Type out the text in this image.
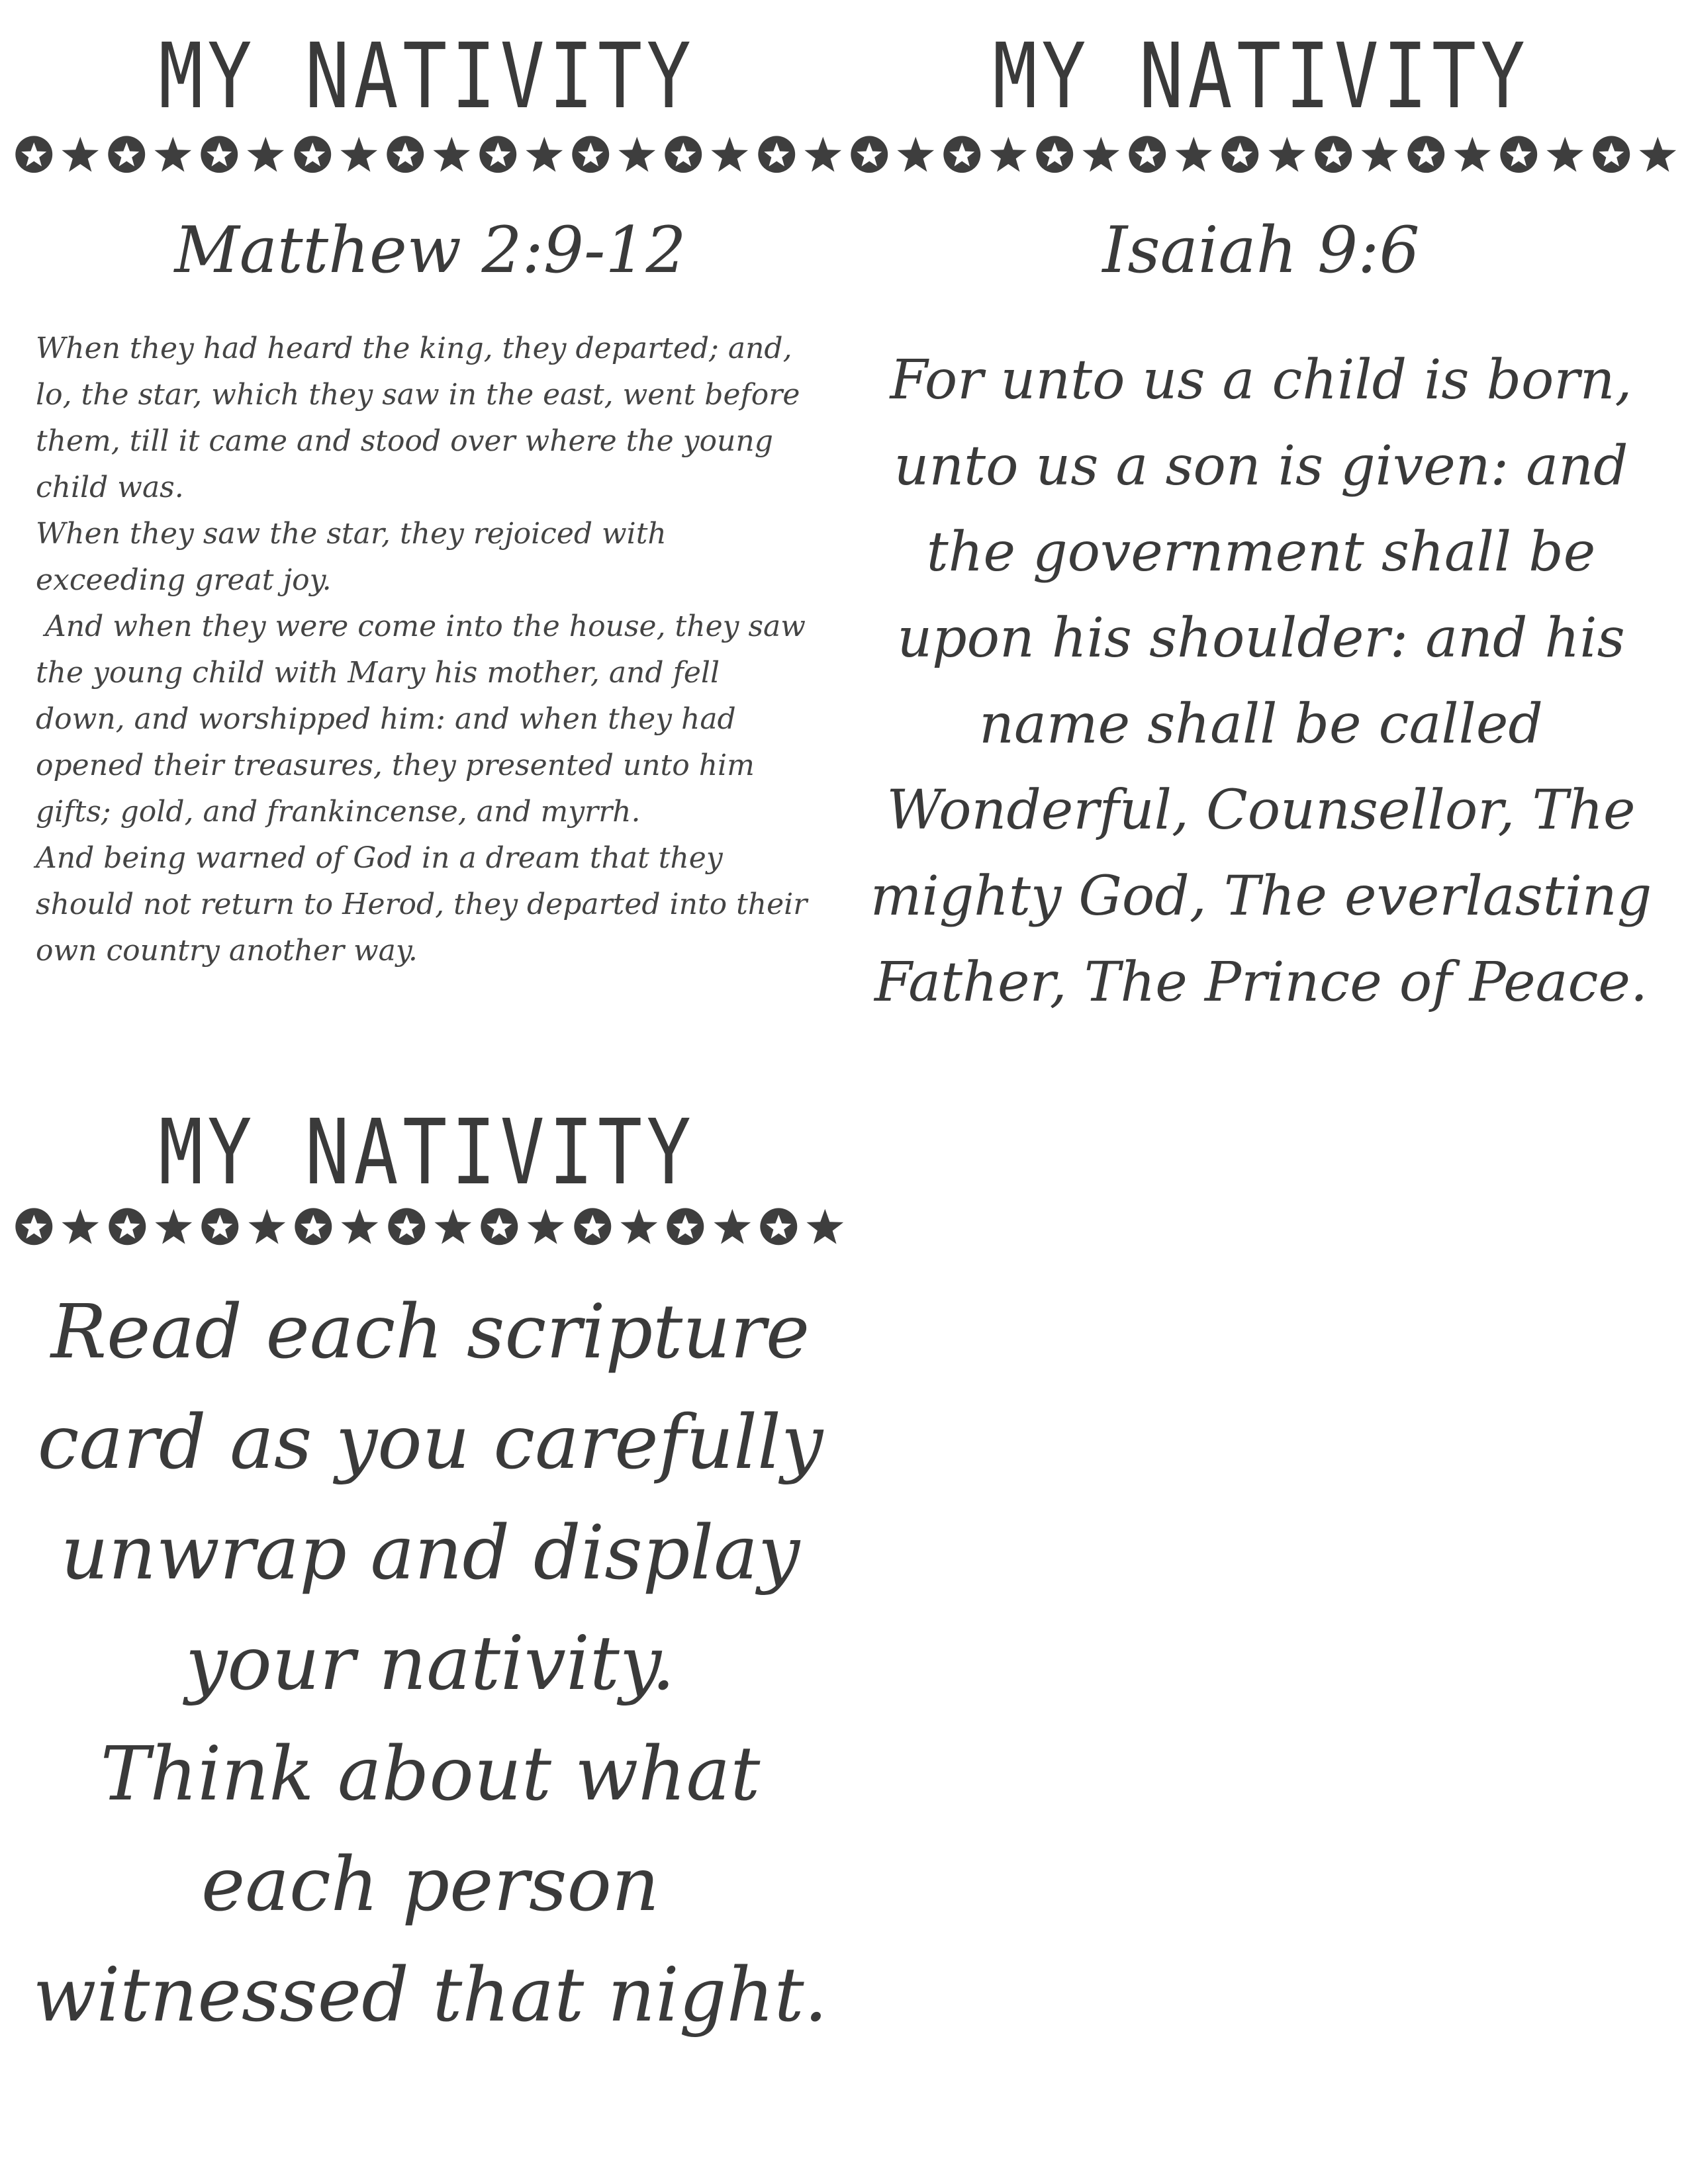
MY NATIVITY
Matthew 2:9-12

When they had heard the king, they departed; and, lo, the star, which they saw in the east, went before them, till it came and stood over where the young child was.

When they saw the star, they rejoiced with exceeding great joy.

And when they were come into the house, they saw the young child with Mary his mother, and fell down, and worshipped him: and when they had opened their treasures, they presented unto him gifts; gold, and frankincense, and myrrh.

And being warned of God in a dream that they should not return to Herod, they departed into their own country another way.

MY NATIVITY
Isaiah 9:6

For unto us a child is born, unto us a son is given: and the government shall be upon his shoulder: and his name shall be called Wonderful, Counsellor, The mighty God, The everlasting Father, The Prince of Peace.

MY NATIVITY

Read each scripture card as you carefully unwrap and display your nativity.

Think about what each person witnessed that night.
